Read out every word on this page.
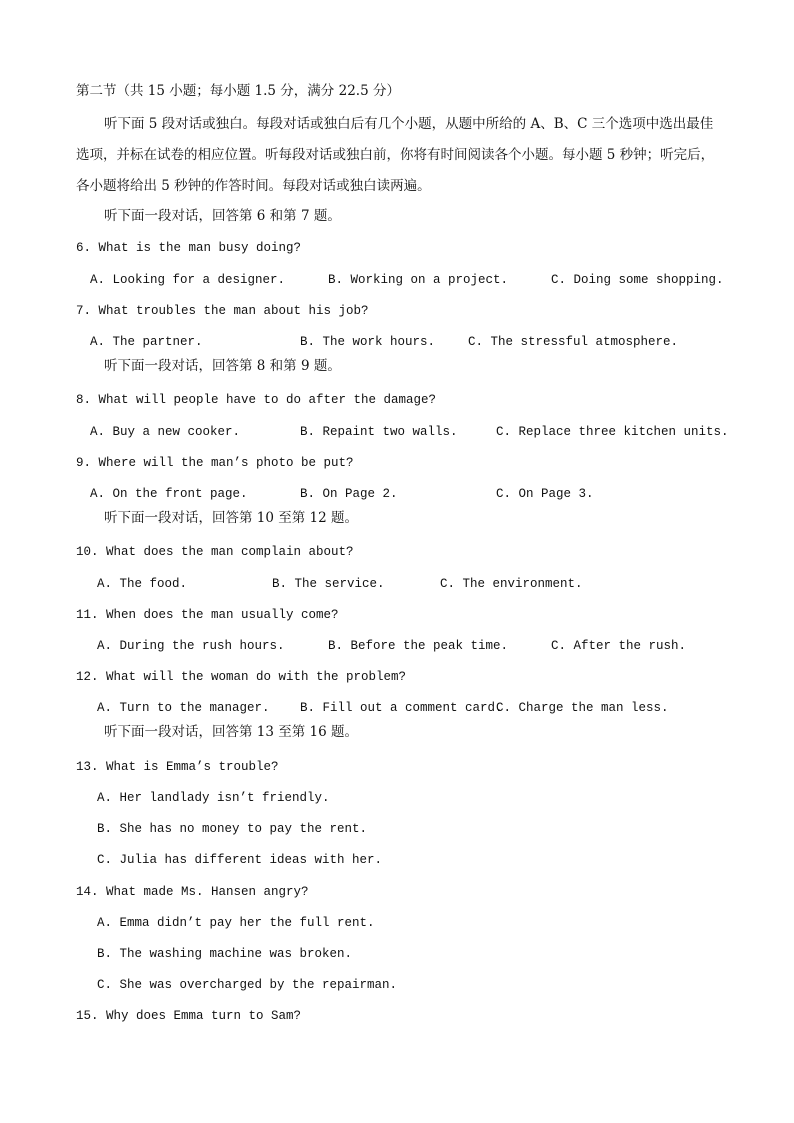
第二节（共 15 小题；每小题 1.5 分，满分 22.5 分）
听下面 5 段对话或独白。每段对话或独白后有几个小题，从题中所给的 A、B、C 三个选项中选出最佳
选项，并标在试卷的相应位置。听每段对话或独白前，你将有时间阅读各个小题。每小题 5 秒钟；听完后，
各小题将给出 5 秒钟的作答时间。每段对话或独白读两遍。
听下面一段对话，回答第 6 和第 7 题。
6. What is the man busy doing?
A. Looking for a designer.	B. Working on a project.	C. Doing some shopping.
7. What troubles the man about his job?
A. The partner.	B. The work hours.	C. The stressful atmosphere.
听下面一段对话，回答第 8 和第 9 题。
8. What will people have to do after the damage?
A. Buy a new cooker.	B. Repaint two walls.	C. Replace three kitchen units.
9. Where will the man’s photo be put?
A. On the front page.	B. On Page 2.	C. On Page 3.
听下面一段对话，回答第 10 至第 12 题。
10. What does the man complain about?
A. The food.	B. The service.	C. The environment.
11. When does the man usually come?
A. During the rush hours.	B. Before the peak time.	C. After the rush.
12. What will the woman do with the problem?
A. Turn to the manager. B. Fill out a comment card.
C. Charge the man less.
听下面一段对话，回答第 13 至第 16 题。
13. What is Emma’s trouble?
A. Her landlady isn’t friendly.
B. She has no money to pay the rent.
C. Julia has different ideas with her.
14. What made Ms. Hansen angry?
A. Emma didn’t pay her the full rent.
B. The washing machine was broken.
C. She was overcharged by the repairman.
15. Why does Emma turn to Sam?
